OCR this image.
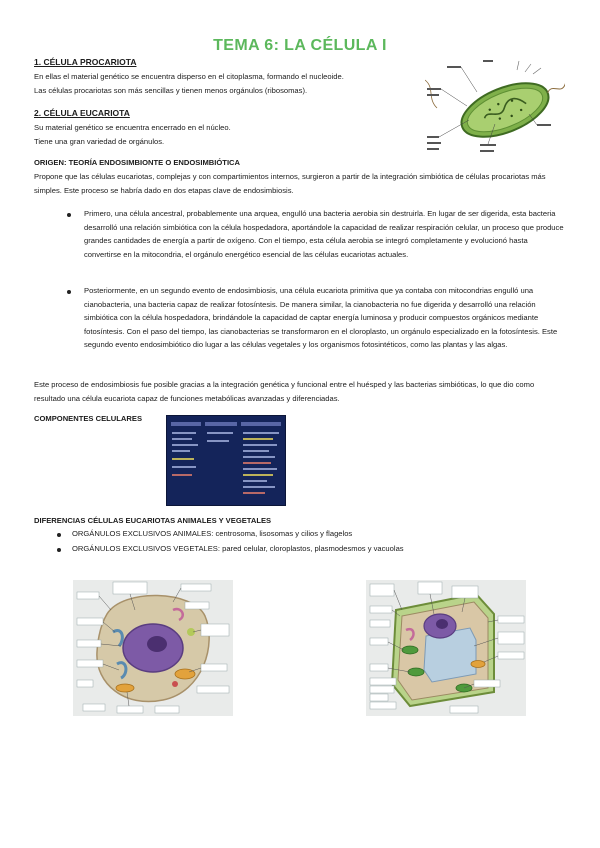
TEMA 6: LA CÉLULA I
1. CÉLULA PROCARIOTA
En ellas el material genético se encuentra disperso en el citoplasma, formando el nucleoide.
Las células procariotas son más sencillas y tienen menos orgánulos (ribosomas).
2. CÉLULA EUCARIOTA
Su material genético se encuentra encerrado en el núcleo.
Tiene una gran variedad de orgánulos.
ORIGEN: TEORÍA ENDOSIMBIONTE O ENDOSIMBIÓTICA
Propone que las células eucariotas, complejas y con compartimientos internos, surgieron a partir de la integración simbiótica de células procariotas más simples. Este proceso se habría dado en dos etapas clave de endosimbiosis.
Primero, una célula ancestral, probablemente una arquea, engulló una bacteria aerobia sin destruirla. En lugar de ser digerida, esta bacteria desarrolló una relación simbiótica con la célula hospedadora, aportándole la capacidad de realizar respiración celular, un proceso que produce grandes cantidades de energía a partir de oxígeno. Con el tiempo, esta célula aerobia se integró completamente y evolucionó hasta convertirse en la mitocondria, el orgánulo energético esencial de las células eucariotas actuales.
Posteriormente, en un segundo evento de endosimbiosis, una célula eucariota primitiva que ya contaba con mitocondrias engulló una cianobacteria, una bacteria capaz de realizar fotosíntesis. De manera similar, la cianobacteria no fue digerida y desarrolló una relación simbiótica con la célula hospedadora, brindándole la capacidad de captar energía luminosa y producir compuestos orgánicos mediante fotosíntesis. Con el paso del tiempo, las cianobacterias se transformaron en el cloroplasto, un orgánulo especializado en la fotosíntesis. Este segundo evento endosimbiótico dio lugar a las células vegetales y los organismos fotosintéticos, como las plantas y las algas.
Este proceso de endosimbiosis fue posible gracias a la integración genética y funcional entre el huésped y las bacterias simbióticas, lo que dio como resultado una célula eucariota capaz de funciones metabólicas avanzadas y diferenciadas.
COMPONENTES CELULARES
DIFERENCIAS CÉLULAS EUCARIOTAS ANIMALES Y VEGETALES
ORGÁNULOS EXCLUSIVOS ANIMALES: centrosoma, lisosomas y cilios y flagelos
ORGÁNULOS EXCLUSIVOS VEGETALES: pared celular, cloroplastos, plasmodesmos y vacuolas
